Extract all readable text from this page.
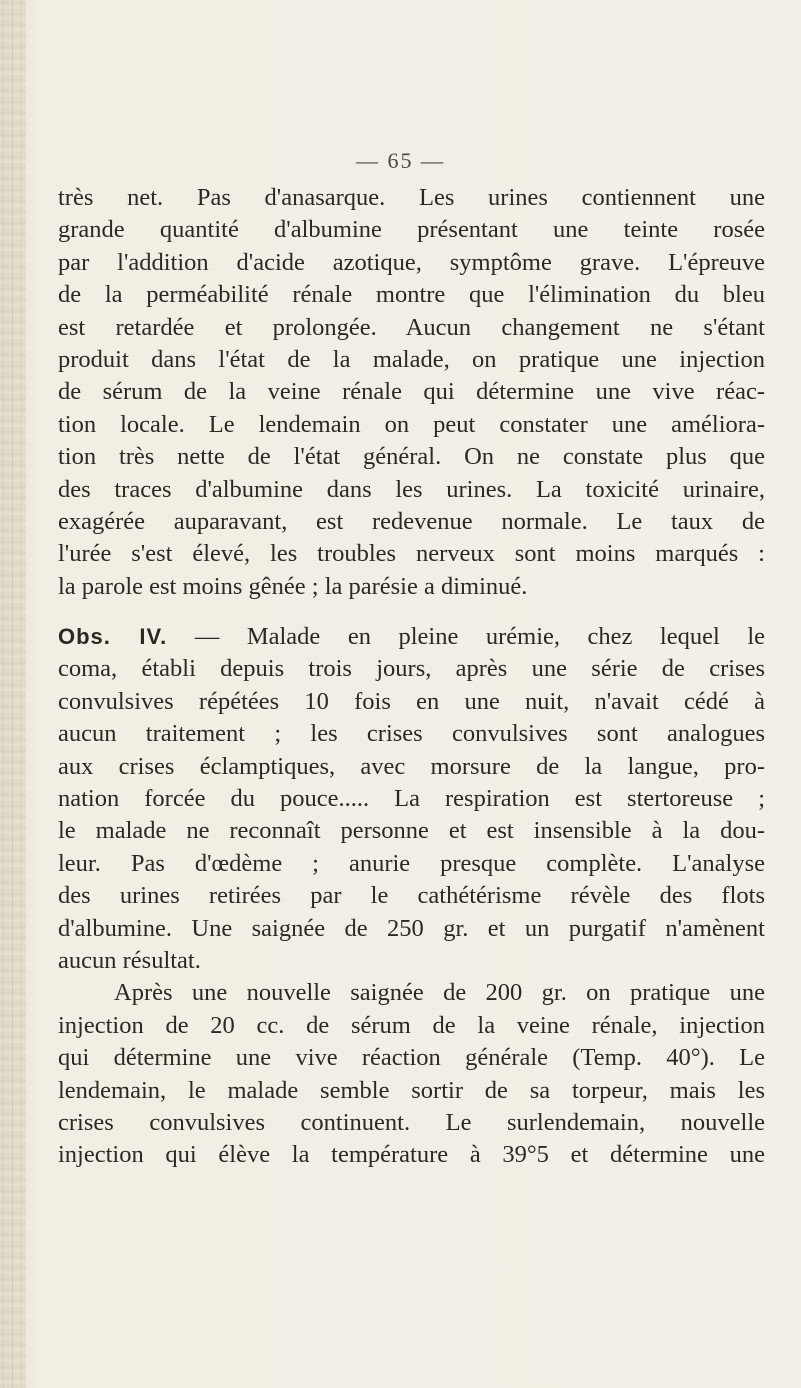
— 65 —
très net. Pas d'anasarque. Les urines contiennent une
grande quantité d'albumine présentant une teinte rosée
par l'addition d'acide azotique, symptôme grave. L'épreuve
de la perméabilité rénale montre que l'élimination du bleu
est retardée et prolongée. Aucun changement ne s'étant
produit dans l'état de la malade, on pratique une injection
de sérum de la veine rénale qui détermine une vive réac-
tion locale. Le lendemain on peut constater une améliora-
tion très nette de l'état général. On ne constate plus que
des traces d'albumine dans les urines. La toxicité urinaire,
exagérée auparavant, est redevenue normale. Le taux de
l'urée s'est élevé, les troubles nerveux sont moins marqués :
la parole est moins gênée ; la parésie a diminué.
Obs. IV. — Malade en pleine urémie, chez lequel le
coma, établi depuis trois jours, après une série de crises
convulsives répétées 10 fois en une nuit, n'avait cédé à
aucun traitement ; les crises convulsives sont analogues
aux crises éclamptiques, avec morsure de la langue, pro-
nation forcée du pouce..... La respiration est stertoreuse ;
le malade ne reconnaît personne et est insensible à la dou-
leur. Pas d'œdème ; anurie presque complète. L'analyse
des urines retirées par le cathétérisme révèle des flots
d'albumine. Une saignée de 250 gr. et un purgatif n'amènent
aucun résultat.
Après une nouvelle saignée de 200 gr. on pratique une
injection de 20 cc. de sérum de la veine rénale, injection
qui détermine une vive réaction générale (Temp. 40°). Le
lendemain, le malade semble sortir de sa torpeur, mais les
crises convulsives continuent. Le surlendemain, nouvelle
injection qui élève la température à 39°5 et détermine une
